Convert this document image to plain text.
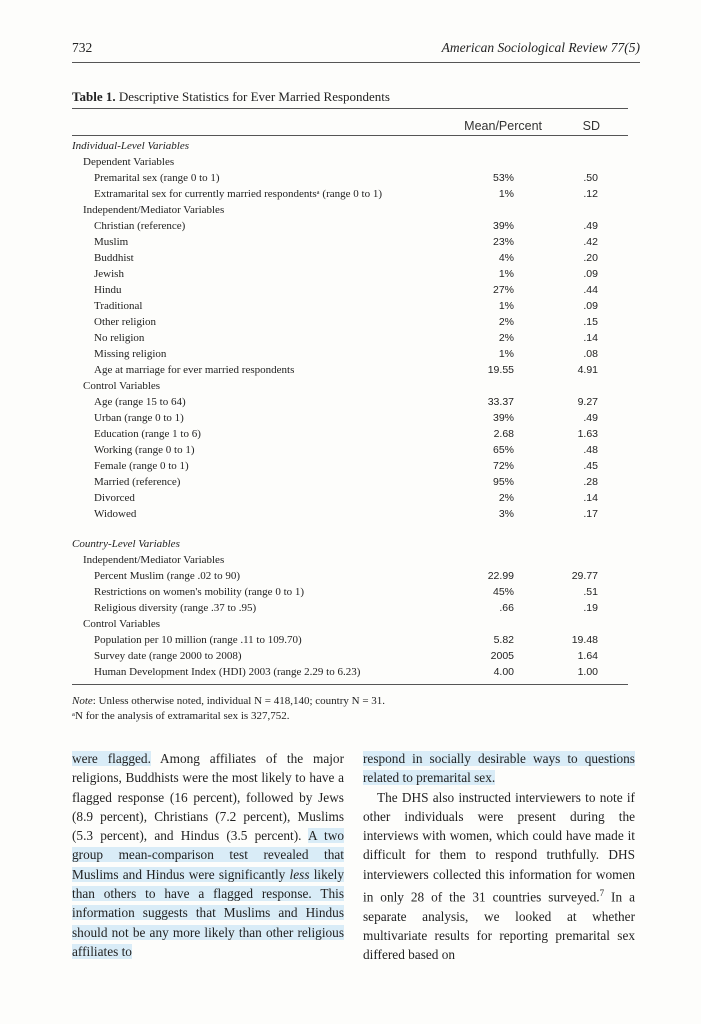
732	American Sociological Review 77(5)
Table 1. Descriptive Statistics for Ever Married Respondents
Mean/Percent	SD
Individual-Level Variables
Dependent Variables
Premarital sex (range 0 to 1)	53%	.50
Extramarital sex for currently married respondentsᵃ (range 0 to 1)	1%	.12
Independent/Mediator Variables
Christian (reference)	39%	.49
Muslim	23%	.42
Buddhist	4%	.20
Jewish	1%	.09
Hindu	27%	.44
Traditional	1%	.09
Other religion	2%	.15
No religion	2%	.14
Missing religion	1%	.08
Age at marriage for ever married respondents	19.55	4.91
Control Variables
Age (range 15 to 64)	33.37	9.27
Urban (range 0 to 1)	39%	.49
Education (range 1 to 6)	2.68	1.63
Working (range 0 to 1)	65%	.48
Female (range 0 to 1)	72%	.45
Married (reference)	95%	.28
Divorced	2%	.14
Widowed	3%	.17
Country-Level Variables
Independent/Mediator Variables
Percent Muslim (range .02 to 90)	22.99	29.77
Restrictions on women's mobility (range 0 to 1)	45%	.51
Religious diversity (range .37 to .95)	.66	.19
Control Variables
Population per 10 million (range .11 to 109.70)	5.82	19.48
Survey date (range 2000 to 2008)	2005	1.64
Human Development Index (HDI) 2003 (range 2.29 to 6.23)	4.00	1.00
Note: Unless otherwise noted, individual N = 418,140; country N = 31.
ᵃN for the analysis of extramarital sex is 327,752.
were flagged. Among affiliates of the major religions, Buddhists were the most likely to have a flagged response (16 percent), followed by Jews (8.9 percent), Christians (7.2 percent), Muslims (5.3 percent), and Hindus (3.5 percent). A two group mean-comparison test revealed that Muslims and Hindus were significantly less likely than others to have a flagged response. This information suggests that Muslims and Hindus should not be any more likely than other religious affiliates to
respond in socially desirable ways to questions related to premarital sex.
The DHS also instructed interviewers to note if other individuals were present during the interviews with women, which could have made it difficult for them to respond truthfully. DHS interviewers collected this information for women in only 28 of the 31 countries surveyed.$^7$ In a separate analysis, we looked at whether multivariate results for reporting premarital sex differed based on
